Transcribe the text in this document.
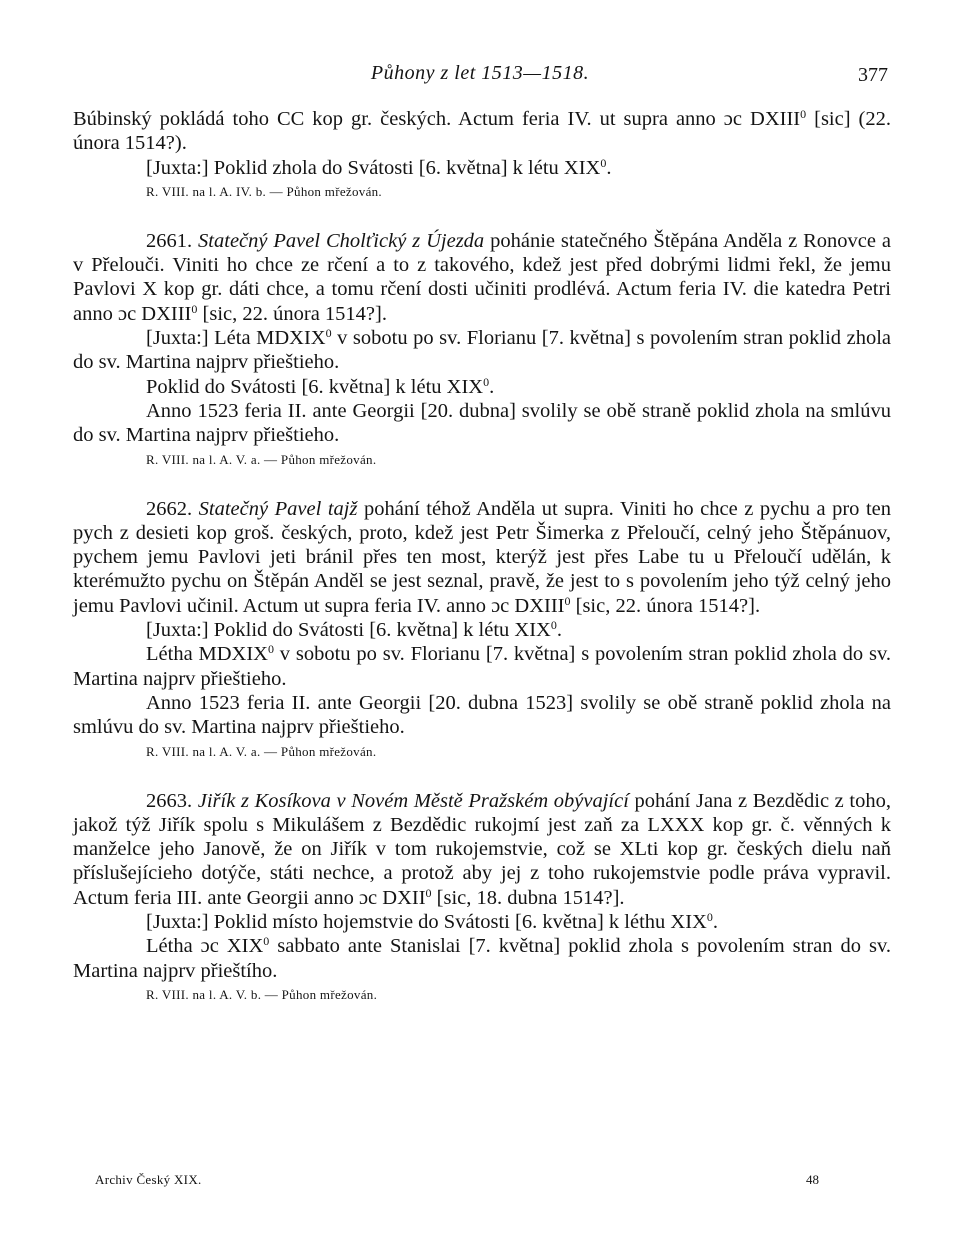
Půhony z let 1513—1518.	377

Búbinský pokládá toho CC kop gr. českých. Actum feria IV. ut supra anno ɔc DXIII$^0$ [sic] (22. února 1514?).

[Juxta:] Poklid zhola do Svátosti [6. května] k létu XIX$^0$.

R. VIII. na l. A. IV. b. — Půhon mřežován.

2661. Statečný Pavel Cholťický z Újezda pohánie statečného Štěpána Anděla z Ronovce a v Přelouči. Viniti ho chce ze rčení a to z takového, kdež jest před dobrými lidmi řekl, že jemu Pavlovi X kop gr. dáti chce, a tomu rčení dosti učiniti prodlévá. Actum feria IV. die katedra Petri anno ɔc DXIII$^0$ [sic, 22. února 1514?].

[Juxta:] Léta MDXIX$^0$ v sobotu po sv. Florianu [7. května] s povolením stran poklid zhola do sv. Martina najprv přieštieho.

Poklid do Svátosti [6. května] k létu XIX$^0$.

Anno 1523 feria II. ante Georgii [20. dubna] svolily se obě straně poklid zhola na smlúvu do sv. Martina najprv přieštieho.

R. VIII. na l. A. V. a. — Půhon mřežován.

2662. Statečný Pavel tajž pohání téhož Anděla ut supra. Viniti ho chce z pychu a pro ten pych z desieti kop groš. českých, proto, kdež jest Petr Šimerka z Přeloučí, celný jeho Štěpánuov, pychem jemu Pavlovi jeti bránil přes ten most, kterýž jest přes Labe tu u Přeloučí udělán, k kterémužto pychu on Štěpán Anděl se jest seznal, pravě, že jest to s povolením jeho týž celný jeho jemu Pavlovi učinil. Actum ut supra feria IV. anno ɔc DXIII$^0$ [sic, 22. února 1514?].

[Juxta:] Poklid do Svátosti [6. května] k létu XIX$^0$.

Létha MDXIX$^0$ v sobotu po sv. Florianu [7. května] s povolením stran poklid zhola do sv. Martina najprv přieštieho.

Anno 1523 feria II. ante Georgii [20. dubna 1523] svolily se obě straně poklid zhola na smlúvu do sv. Martina najprv přieštieho.

R. VIII. na l. A. V. a. — Půhon mřežován.

2663. Jiřík z Kosíkova v Novém Městě Pražském obývající pohání Jana z Bezdědic z toho, jakož týž Jiřík spolu s Mikulášem z Bezdědic rukojmí jest zaň za LXXX kop gr. č. věnných k manželce jeho Janově, že on Jiřík v tom rukojemstvie, což se XLti kop gr. českých dielu naň příslušejícieho dotýče, státi nechce, a protož aby jej z toho rukojemstvie podle práva vypravil. Actum feria III. ante Georgii anno ɔc DXII$^0$ [sic, 18. dubna 1514?].

[Juxta:] Poklid místo hojemstvie do Svátosti [6. května] k léthu XIX$^0$.

Létha ɔc XIX$^0$ sabbato ante Stanislai [7. května] poklid zhola s povolením stran do sv. Martina najprv přieštího.

R. VIII. na l. A. V. b. — Půhon mřežován.

Archiv Český XIX.	48
